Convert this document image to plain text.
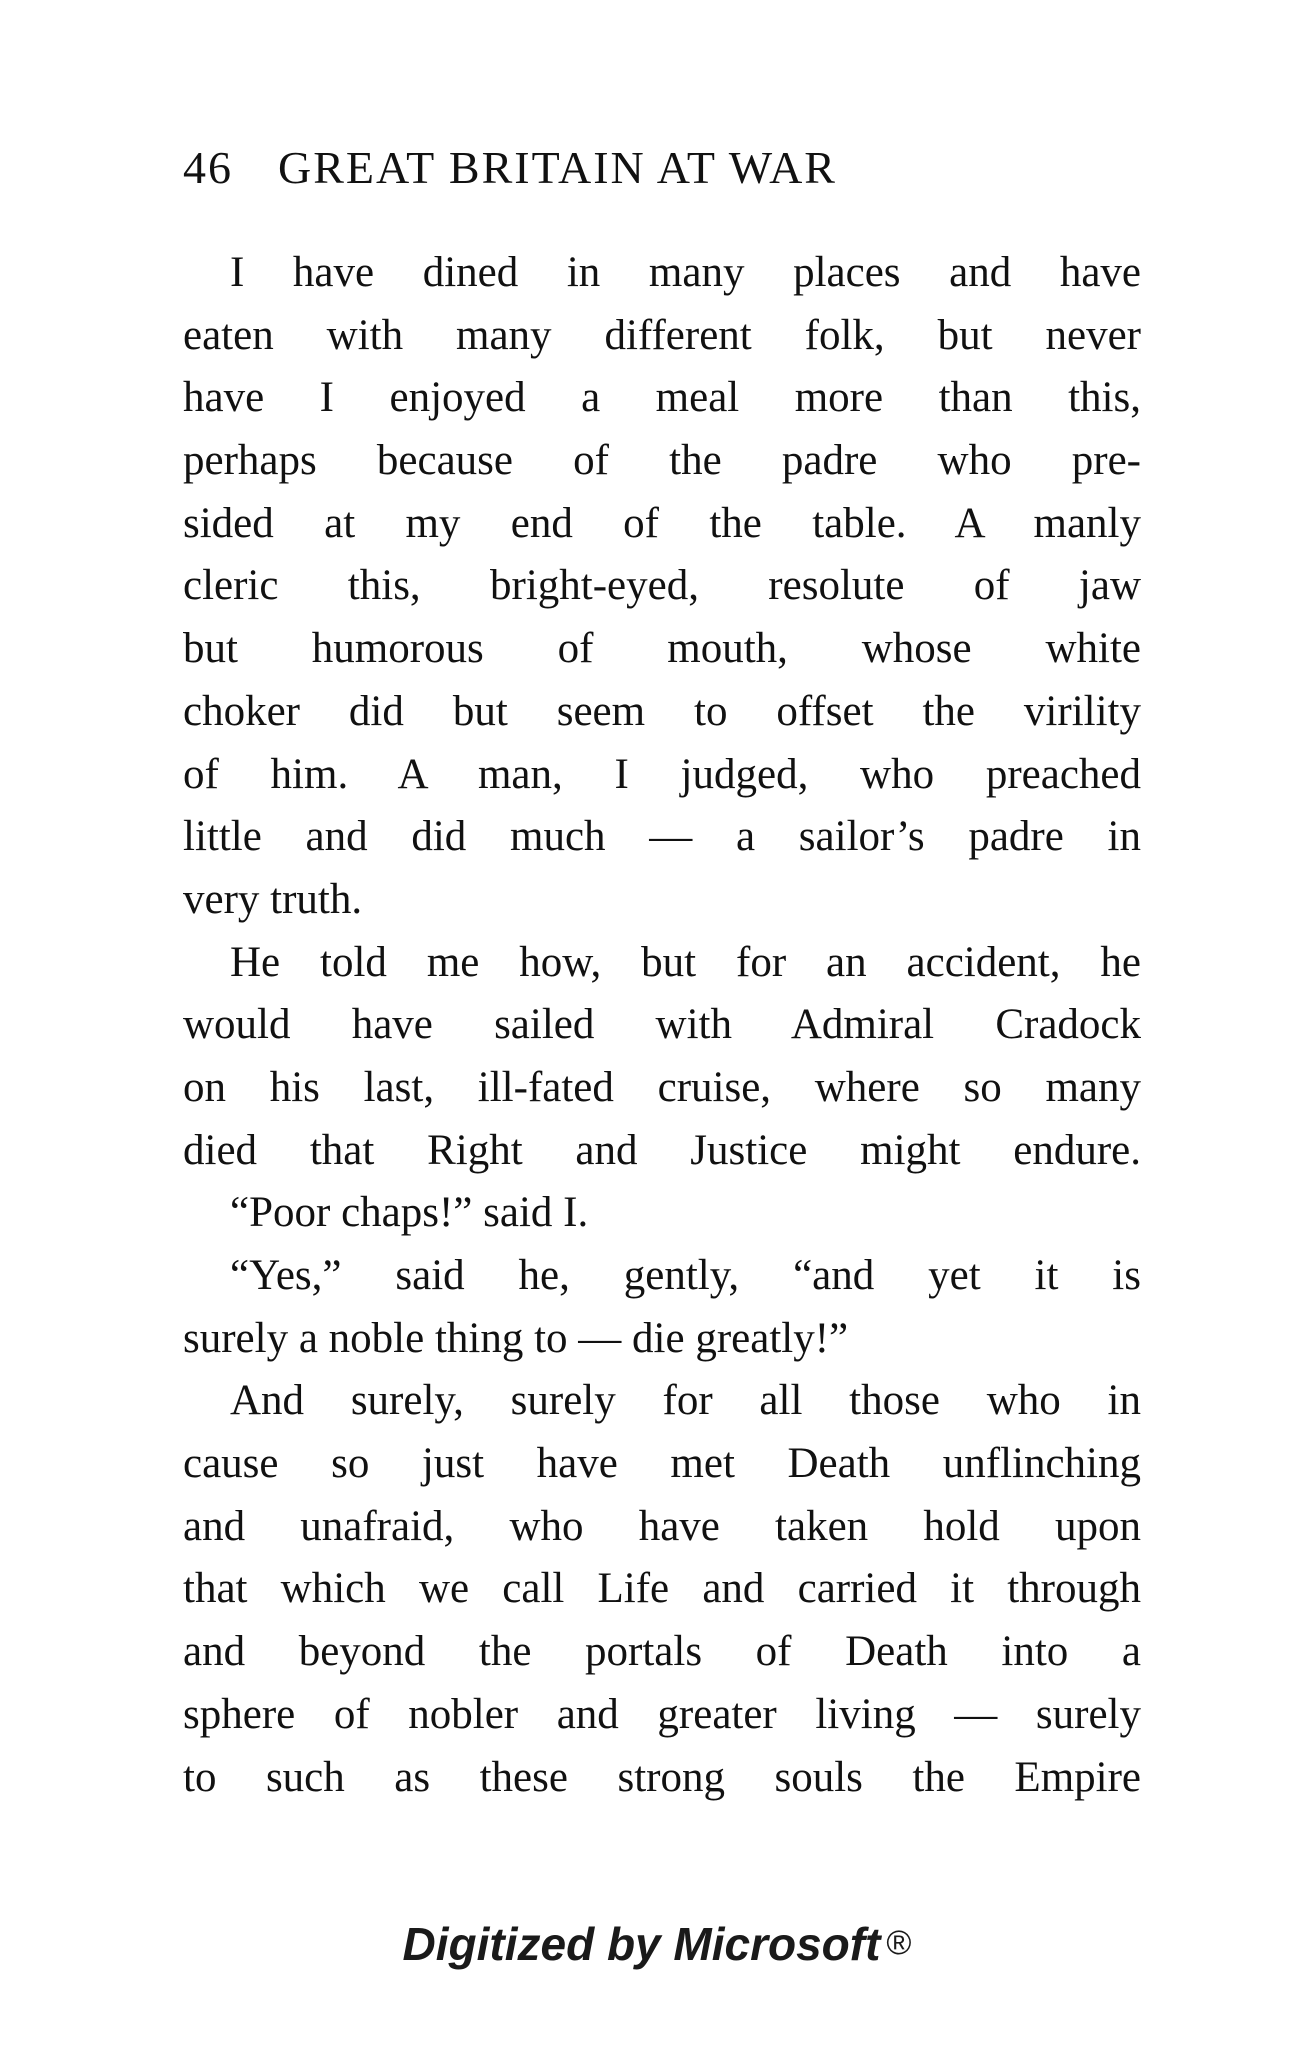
46 GREAT BRITAIN AT WAR
I have dined in many places and have
eaten with many different folk, but never
have I enjoyed a meal more than this,
perhaps because of the padre who pre-
sided at my end of the table. A manly
cleric this, bright-eyed, resolute of jaw
but humorous of mouth, whose white
choker did but seem to offset the virility
of him. A man, I judged, who preached
little and did much — a sailor’s padre in
very truth.
He told me how, but for an accident, he
would have sailed with Admiral Cradock
on his last, ill-fated cruise, where so many
died that Right and Justice might endure.
“Poor chaps!” said I.
“Yes,” said he, gently, “and yet it is
surely a noble thing to — die greatly!”
And surely, surely for all those who in
cause so just have met Death unflinching
and unafraid, who have taken hold upon
that which we call Life and carried it through
and beyond the portals of Death into a
sphere of nobler and greater living — surely
to such as these strong souls the Empire
Digitized by Microsoft ®
